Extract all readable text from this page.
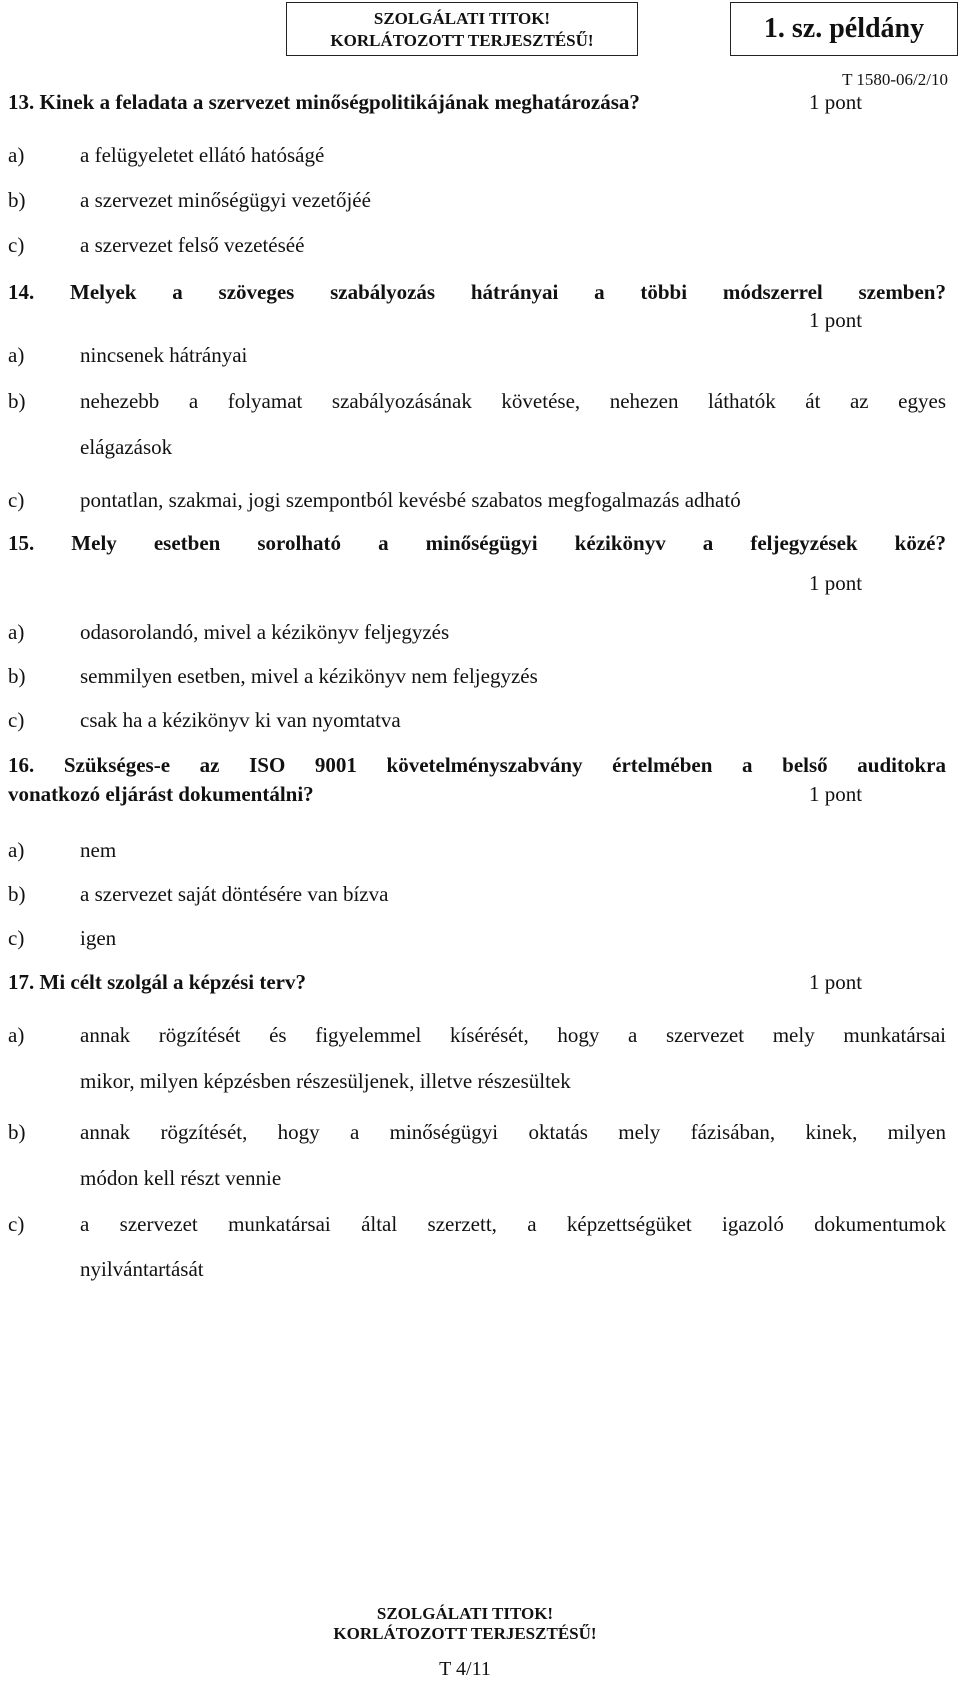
SZOLGÁLATI TITOK!
KORLÁTOZOTT TERJESZTÉSŰ!	1. sz. példány
T 1580-06/2/10
13. Kinek a feladata a szervezet minőségpolitikájának meghatározása?	1 pont
a)	a felügyeletet ellátó hatóságé
b)	a szervezet minőségügyi vezetőjéé
c)	a szervezet felső vezetéséé
14. Melyek a szöveges szabályozás hátrányai a többi módszerrel szemben?
1 pont
a)	nincsenek hátrányai
b)	nehezebb a folyamat szabályozásának követése, nehezen láthatók át az egyes
elágazások
c)	pontatlan, szakmai, jogi szempontból kevésbé szabatos megfogalmazás adható
15. Mely esetben sorolható a minőségügyi kézikönyv a feljegyzések közé?
1 pont
a)	odasorolandó, mivel a kézikönyv feljegyzés
b)	semmilyen esetben, mivel a kézikönyv nem feljegyzés
c)	csak ha a kézikönyv ki van nyomtatva
16. Szükséges-e az ISO 9001 követelményszabvány értelmében a belső auditokra
vonatkozó eljárást dokumentálni?	1 pont
a)	nem
b)	a szervezet saját döntésére van bízva
c)	igen
17. Mi célt szolgál a képzési terv?	1 pont
a)	annak rögzítését és figyelemmel kísérését, hogy a szervezet mely munkatársai
mikor, milyen képzésben részesüljenek, illetve részesültek
b)	annak rögzítését, hogy a minőségügyi oktatás mely fázisában, kinek, milyen
módon kell részt vennie
c)	a szervezet munkatársai által szerzett, a képzettségüket igazoló dokumentumok
nyilvántartását
SZOLGÁLATI TITOK!
KORLÁTOZOTT TERJESZTÉSŰ!
T 4/11
